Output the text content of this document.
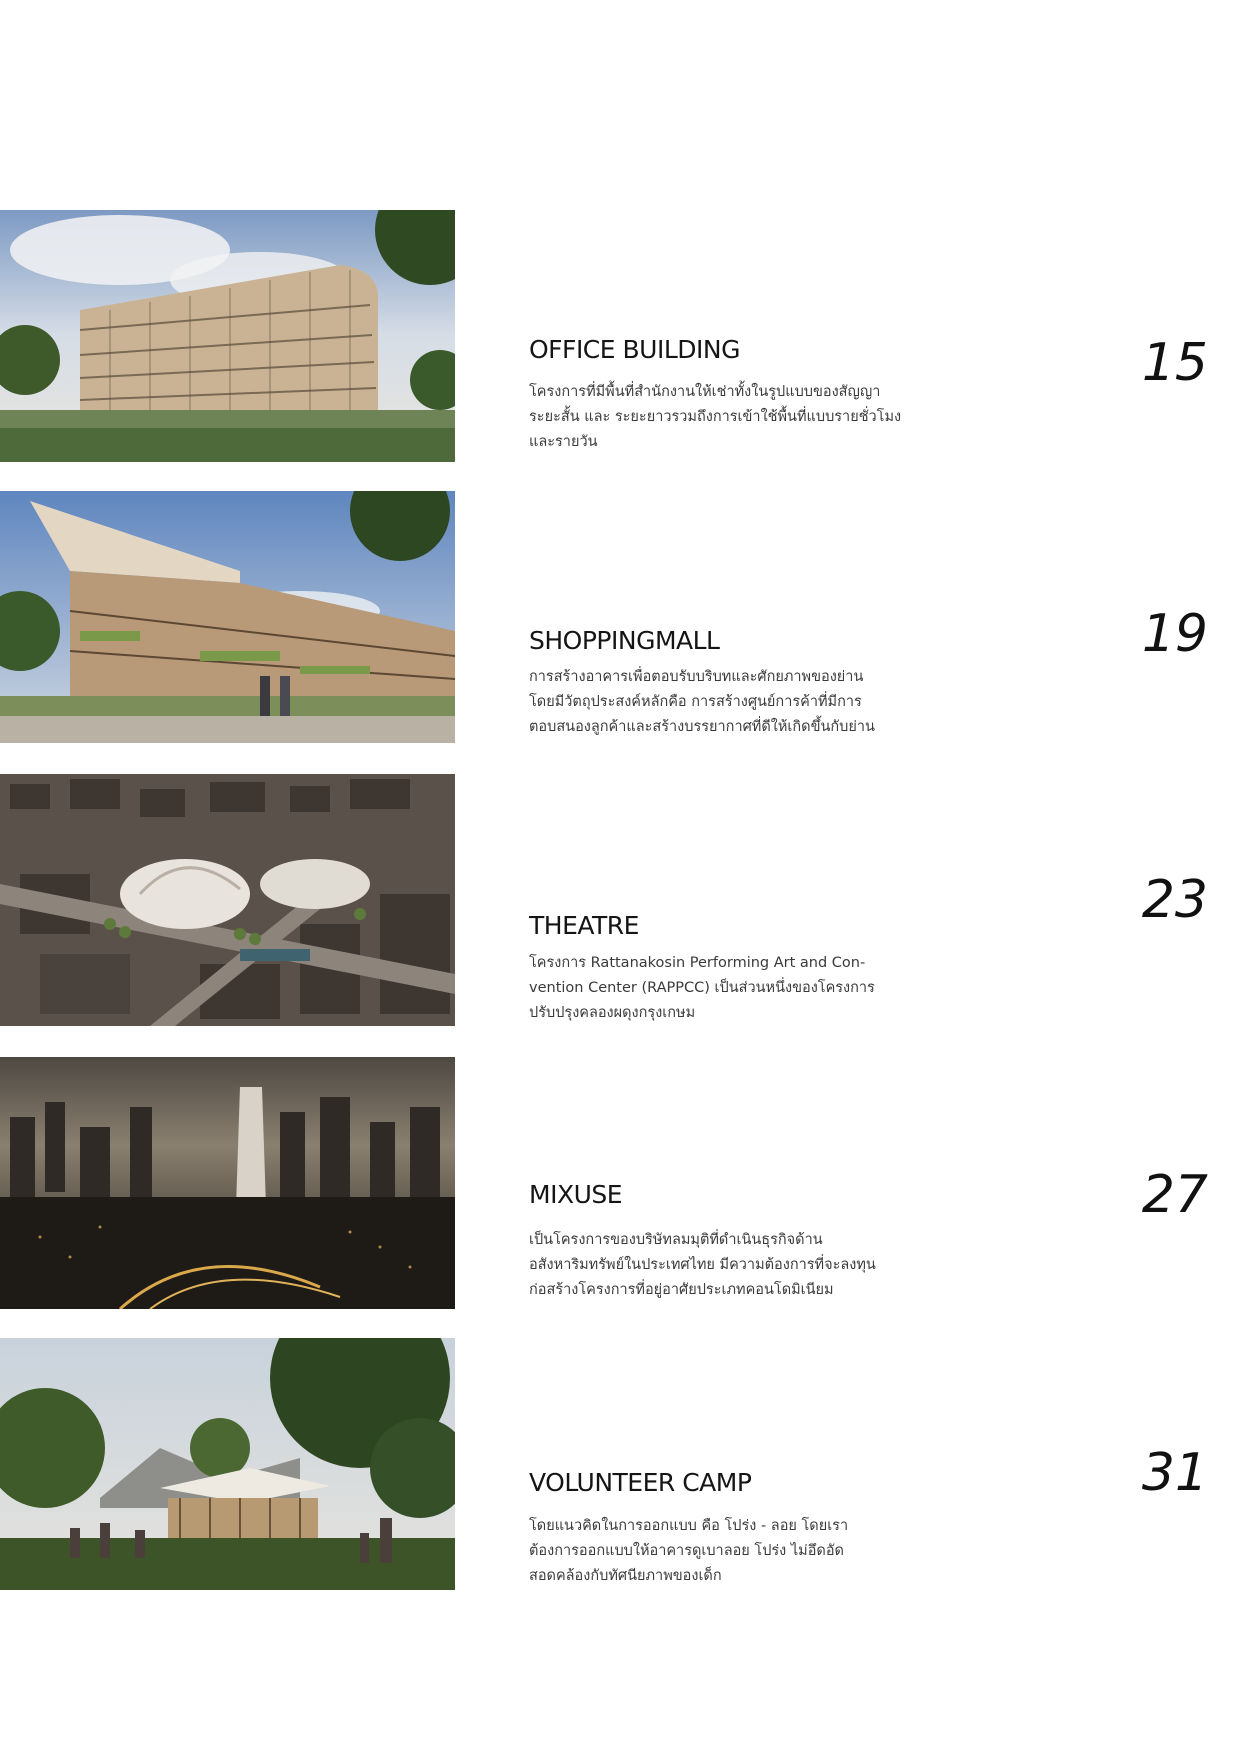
OFFICE BUILDING
โครงการที่มีพื้นที่สำนักงานให้เช่าทั้งในรูปแบบของสัญญา
ระยะสั้น และ ระยะยาวรวมถึงการเข้าใช้พื้นที่แบบรายชั่วโมง
และรายวัน
15
SHOPPINGMALL
การสร้างอาคารเพื่อตอบรับบริบทและศักยภาพของย่าน
โดยมีวัตถุประสงค์หลักคือ การสร้างศูนย์การค้าที่มีการ
ตอบสนองลูกค้าและสร้างบรรยากาศที่ดีให้เกิดขึ้นกับย่าน
19
THEATRE
โครงการ Rattanakosin Performing Art and Con-
vention Center (RAPPCC) เป็นส่วนหนึ่งของโครงการ
ปรับปรุงคลองผดุงกรุงเกษม
23
MIXUSE
เป็นโครงการของบริษัทลมมุติที่ดำเนินธุรกิจด้าน
อสังหาริมทรัพย์ในประเทศไทย มีความต้องการที่จะลงทุน
ก่อสร้างโครงการที่อยู่อาศัยประเภทคอนโดมิเนียม
27
VOLUNTEER CAMP
โดยแนวคิดในการออกแบบ คือ โปร่ง - ลอย โดยเรา
ต้องการออกแบบให้อาคารดูเบาลอย โปร่ง ไม่อึดอัด
สอดคล้องกับทัศนียภาพของเด็ก
31
